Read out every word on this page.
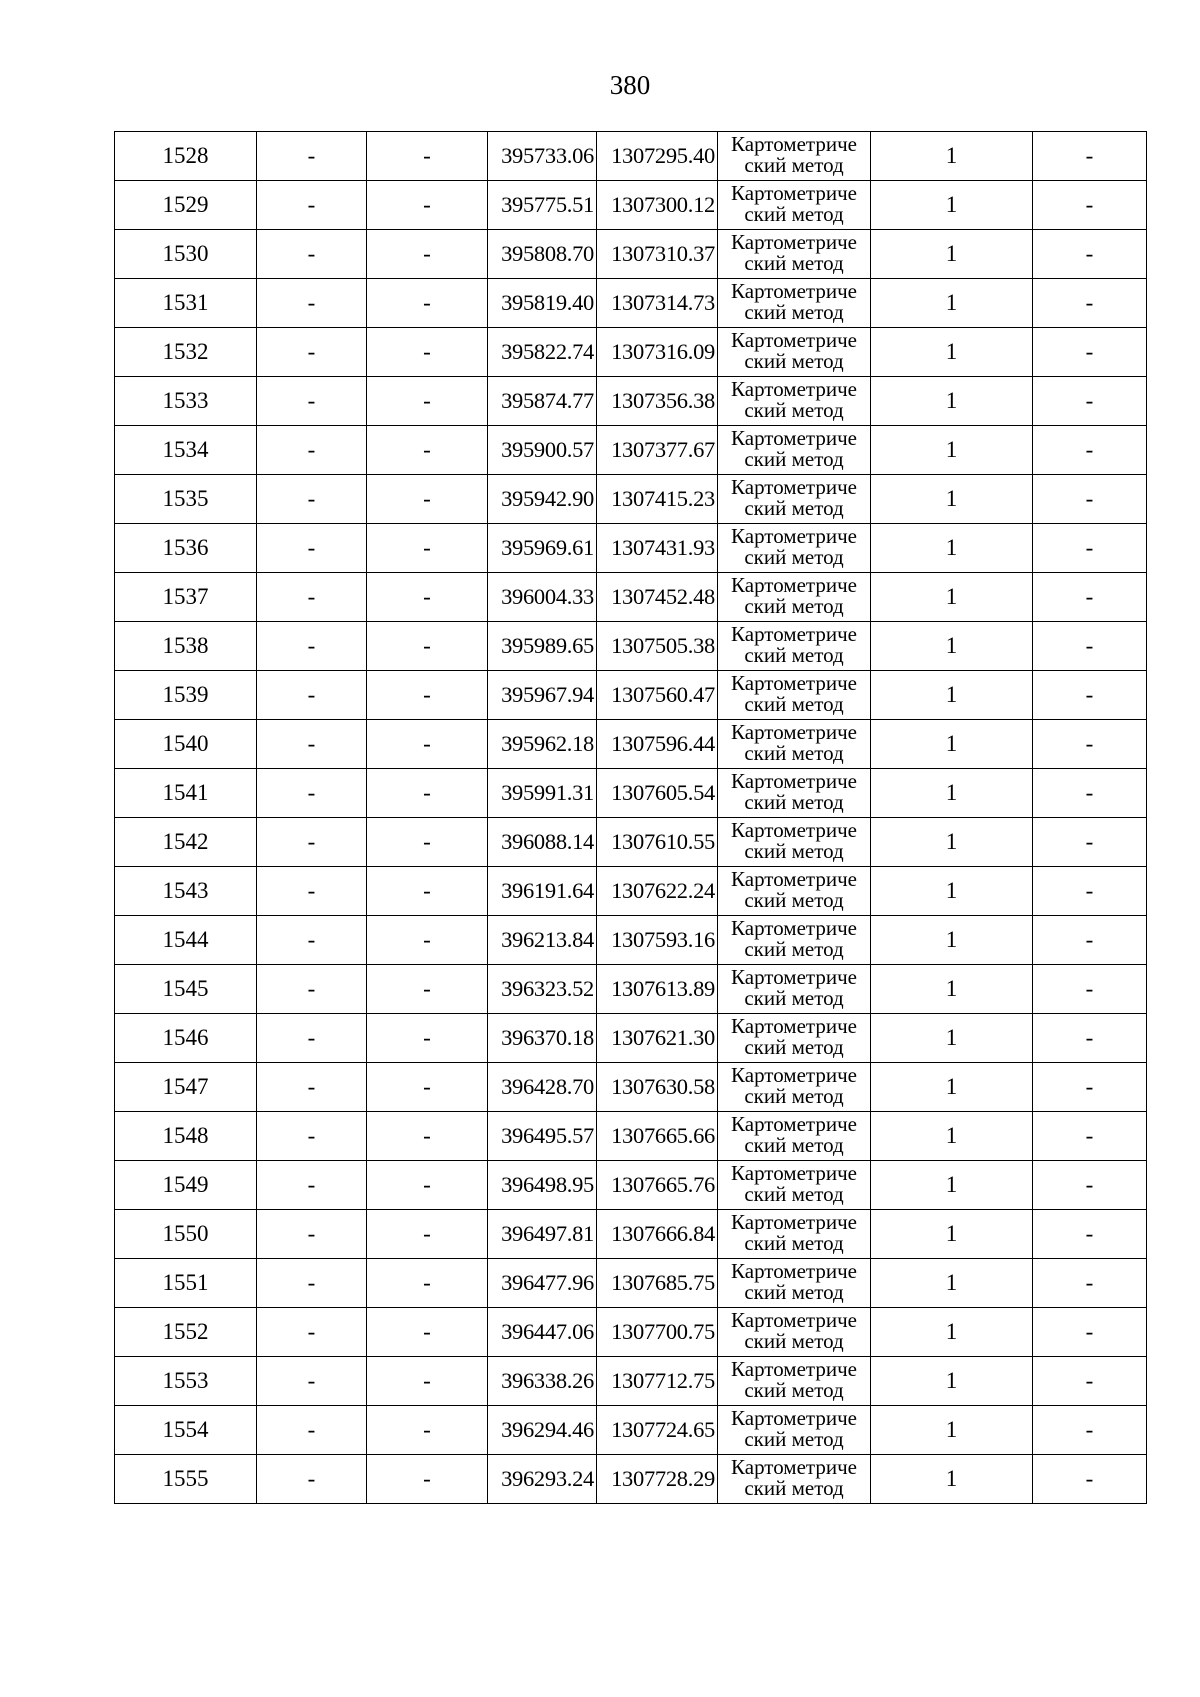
380
1528	-	-	395733.06	1307295.40	Картометриче ский метод	1	-
1529	-	-	395775.51	1307300.12	Картометриче ский метод	1	-
1530	-	-	395808.70	1307310.37	Картометриче ский метод	1	-
1531	-	-	395819.40	1307314.73	Картометриче ский метод	1	-
1532	-	-	395822.74	1307316.09	Картометриче ский метод	1	-
1533	-	-	395874.77	1307356.38	Картометриче ский метод	1	-
1534	-	-	395900.57	1307377.67	Картометриче ский метод	1	-
1535	-	-	395942.90	1307415.23	Картометриче ский метод	1	-
1536	-	-	395969.61	1307431.93	Картометриче ский метод	1	-
1537	-	-	396004.33	1307452.48	Картометриче ский метод	1	-
1538	-	-	395989.65	1307505.38	Картометриче ский метод	1	-
1539	-	-	395967.94	1307560.47	Картометриче ский метод	1	-
1540	-	-	395962.18	1307596.44	Картометриче ский метод	1	-
1541	-	-	395991.31	1307605.54	Картометриче ский метод	1	-
1542	-	-	396088.14	1307610.55	Картометриче ский метод	1	-
1543	-	-	396191.64	1307622.24	Картометриче ский метод	1	-
1544	-	-	396213.84	1307593.16	Картометриче ский метод	1	-
1545	-	-	396323.52	1307613.89	Картометриче ский метод	1	-
1546	-	-	396370.18	1307621.30	Картометриче ский метод	1	-
1547	-	-	396428.70	1307630.58	Картометриче ский метод	1	-
1548	-	-	396495.57	1307665.66	Картометриче ский метод	1	-
1549	-	-	396498.95	1307665.76	Картометриче ский метод	1	-
1550	-	-	396497.81	1307666.84	Картометриче ский метод	1	-
1551	-	-	396477.96	1307685.75	Картометриче ский метод	1	-
1552	-	-	396447.06	1307700.75	Картометриче ский метод	1	-
1553	-	-	396338.26	1307712.75	Картометриче ский метод	1	-
1554	-	-	396294.46	1307724.65	Картометриче ский метод	1	-
1555	-	-	396293.24	1307728.29	Картометриче ский метод	1	-
